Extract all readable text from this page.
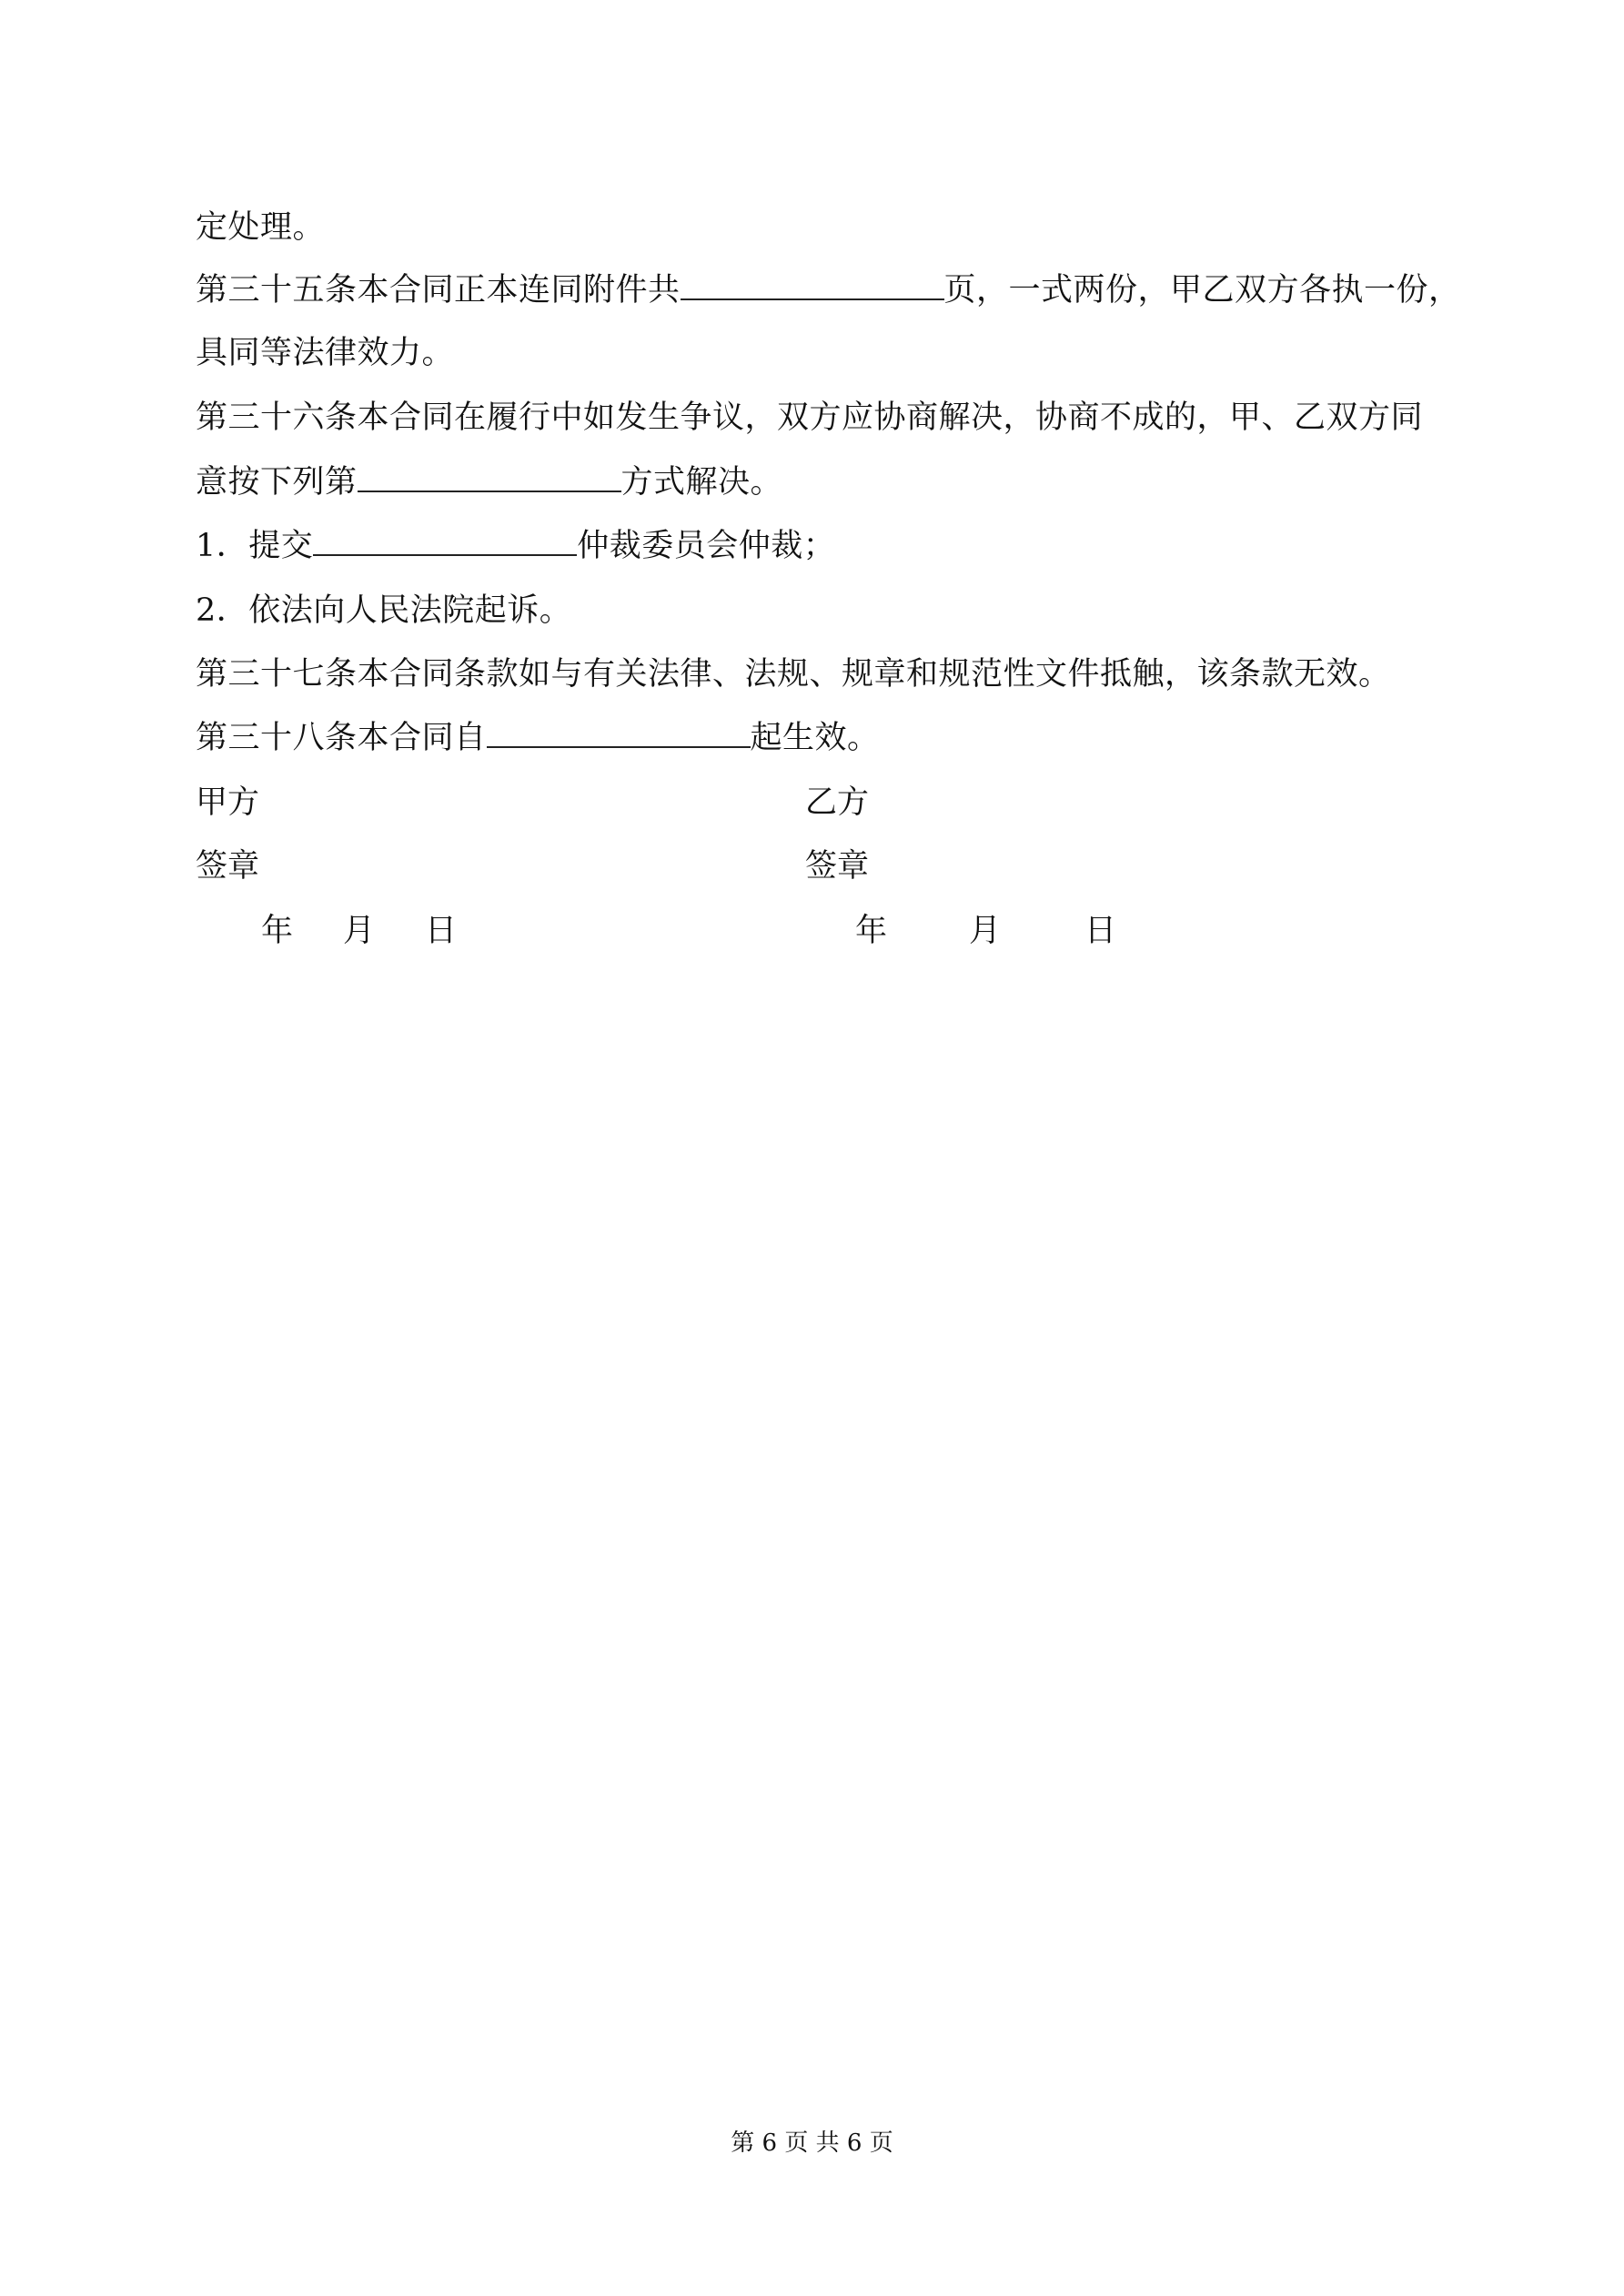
定处理。
第三十五条本合同正本连同附件共	页，一式两份，甲乙双方各执一份，
具同等法律效力。
第三十六条本合同在履行中如发生争议，双方应协商解决，协商不成的，甲、乙双方同
意按下列第	方式解决。
1．提交	仲裁委员会仲裁；
2．依法向人民法院起诉。
第三十七条本合同条款如与有关法律、法规、规章和规范性文件抵触，该条款无效。
第三十八条本合同自	起生效。
甲方	乙方
签章	签章
年 月 日	年	月	日
第 6 页 共 6 页
